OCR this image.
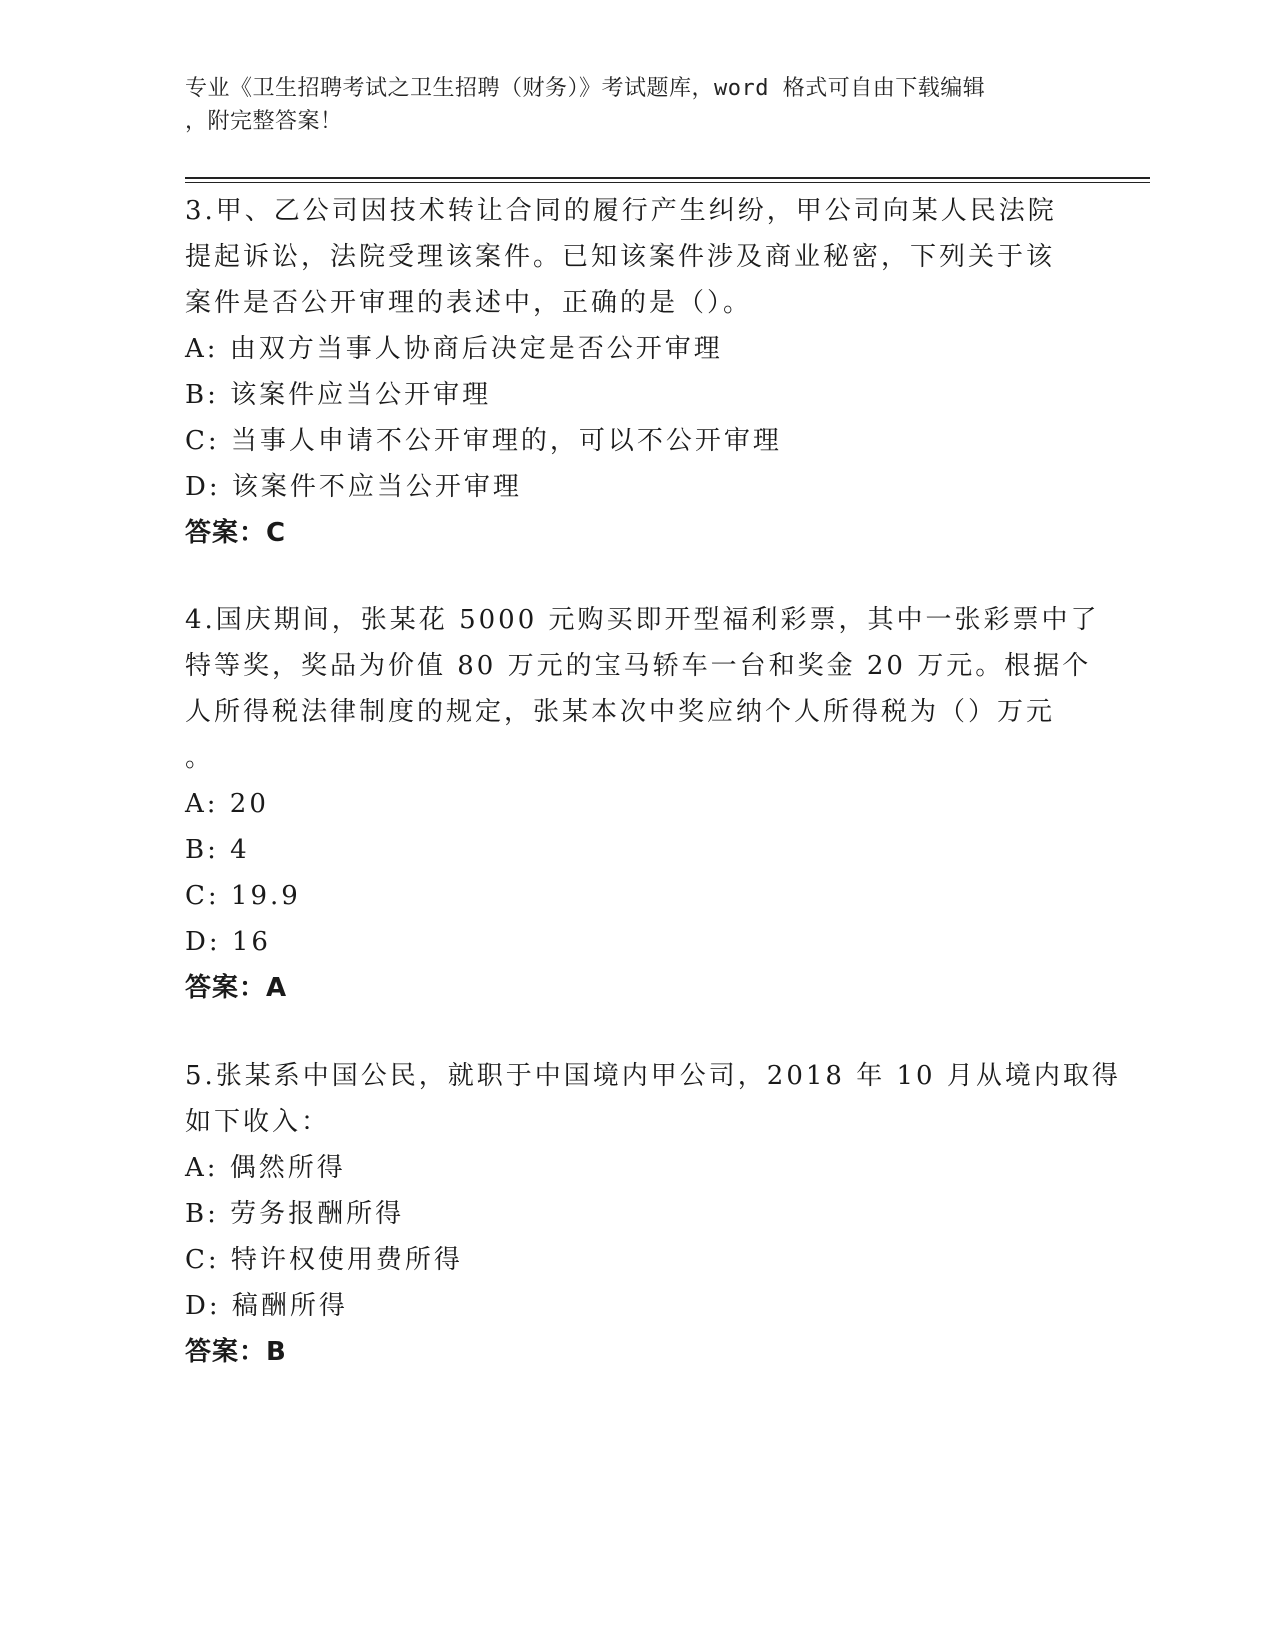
专业《卫生招聘考试之卫生招聘（财务）》考试题库，word 格式可自由下载编辑
，附完整答案！
3.甲、乙公司因技术转让合同的履行产生纠纷，甲公司向某人民法院
提起诉讼，法院受理该案件。已知该案件涉及商业秘密，下列关于该
案件是否公开审理的表述中，正确的是（）。
A: 由双方当事人协商后决定是否公开审理
B: 该案件应当公开审理
C: 当事人申请不公开审理的，可以不公开审理
D: 该案件不应当公开审理
答案：C
4.国庆期间，张某花 5000 元购买即开型福利彩票，其中一张彩票中了
特等奖，奖品为价值 80 万元的宝马轿车一台和奖金 20 万元。根据个
人所得税法律制度的规定，张某本次中奖应纳个人所得税为（）万元
。
A: 20
B: 4
C: 19.9
D: 16
答案：A
5.张某系中国公民，就职于中国境内甲公司，2018 年 10 月从境内取得
如下收入：
A: 偶然所得
B: 劳务报酬所得
C: 特许权使用费所得
D: 稿酬所得
答案：B
